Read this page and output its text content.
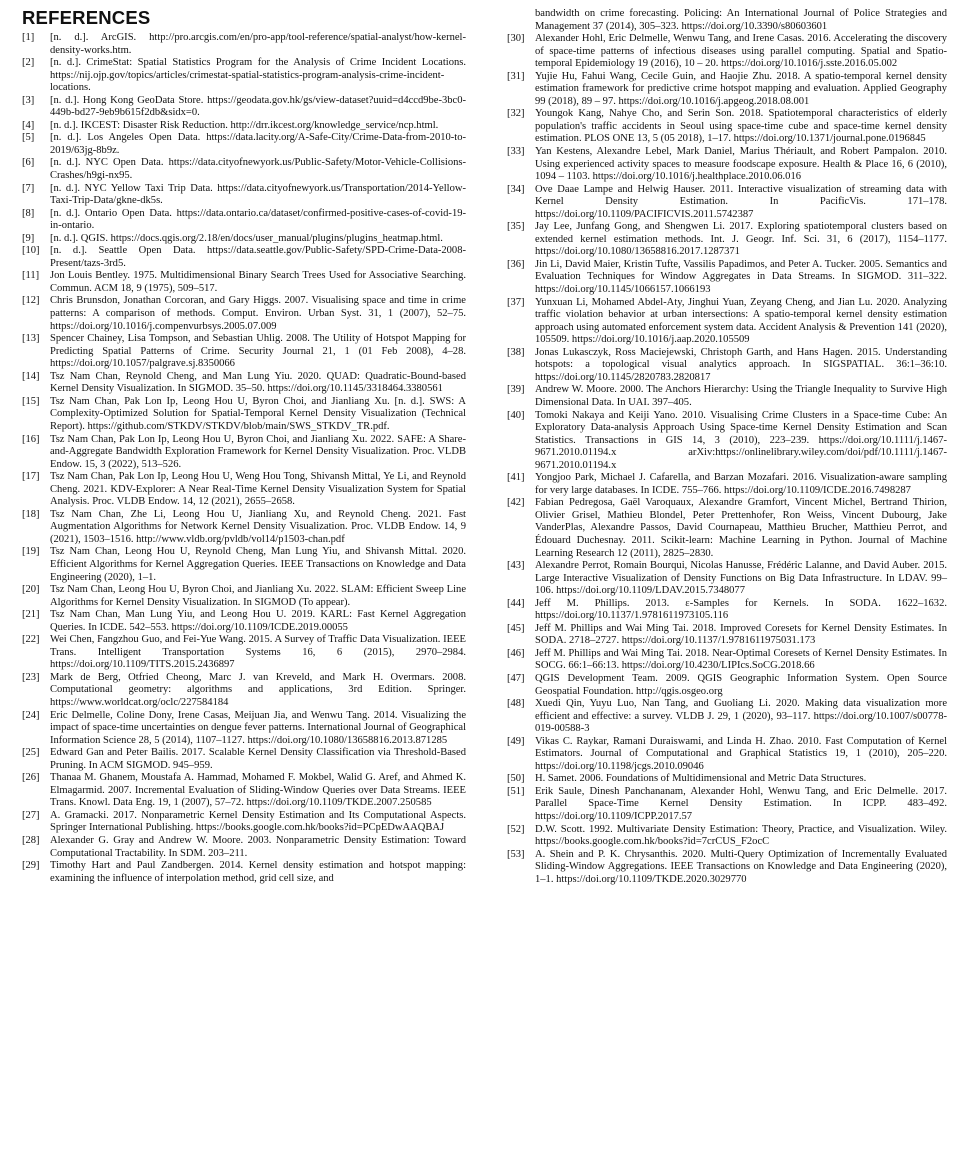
REFERENCES
[1]	[n. d.]. ArcGIS. http://pro.arcgis.com/en/pro-app/tool-reference/spatial-analyst/how-kernel-density-works.htm.
[2]	[n. d.]. CrimeStat: Spatial Statistics Program for the Analysis of Crime Incident Locations. https://nij.ojp.gov/topics/articles/crimestat-spatial-statistics-program-analysis-crime-incident-locations.
[3]	[n. d.]. Hong Kong GeoData Store. https://geodata.gov.hk/gs/view-dataset?uuid=d4ccd9be-3bc0-449b-bd27-9eb9b615f2db&sidx=0.
[4]	[n. d.]. IKCEST: Disaster Risk Reduction. http://drr.ikcest.org/knowledge_service/ncp.html.
[5]	[n. d.]. Los Angeles Open Data. https://data.lacity.org/A-Safe-City/Crime-Data-from-2010-to-2019/63jg-8b9z.
[6]	[n. d.]. NYC Open Data. https://data.cityofnewyork.us/Public-Safety/Motor-Vehicle-Collisions-Crashes/h9gi-nx95.
[7]	[n. d.]. NYC Yellow Taxi Trip Data. https://data.cityofnewyork.us/Transportation/2014-Yellow-Taxi-Trip-Data/gkne-dk5s.
[8]	[n. d.]. Ontario Open Data. https://data.ontario.ca/dataset/confirmed-positive-cases-of-covid-19-in-ontario.
[9]	[n. d.]. QGIS. https://docs.qgis.org/2.18/en/docs/user_manual/plugins/plugins_heatmap.html.
[10] [n. d.]. Seattle Open Data. https://data.seattle.gov/Public-Safety/SPD-Crime-Data-2008-Present/tazs-3rd5.
[11]	Jon Louis Bentley. 1975. Multidimensional Binary Search Trees Used for Associative Searching. Commun. ACM 18, 9 (1975), 509–517.
[12] Chris Brunsdon, Jonathan Corcoran, and Gary Higgs. 2007. Visualising space and time in crime patterns: A comparison of methods. Comput. Environ. Urban Syst. 31, 1 (2007), 52–75. https://doi.org/10.1016/j.compenvurbsys.2005.07.009
[13] Spencer Chainey, Lisa Tompson, and Sebastian Uhlig. 2008. The Utility of Hotspot Mapping for Predicting Spatial Patterns of Crime. Security Journal 21, 1 (01 Feb 2008), 4–28. https://doi.org/10.1057/palgrave.sj.8350066
[14] Tsz Nam Chan, Reynold Cheng, and Man Lung Yiu. 2020. QUAD: Quadratic-Bound-based Kernel Density Visualization. In SIGMOD. 35–50. https://doi.org/10.1145/3318464.3380561
[15] Tsz Nam Chan, Pak Lon Ip, Leong Hou U, Byron Choi, and Jianliang Xu. [n. d.]. SWS: A Complexity-Optimized Solution for Spatial-Temporal Kernel Density Visualization (Technical Report). https://github.com/STKDV/STKDV/blob/main/SWS_STKDV_TR.pdf.
[16] Tsz Nam Chan, Pak Lon Ip, Leong Hou U, Byron Choi, and Jianliang Xu. 2022. SAFE: A Share-and-Aggregate Bandwidth Exploration Framework for Kernel Density Visualization. Proc. VLDB Endow. 15, 3 (2022), 513–526.
[17] Tsz Nam Chan, Pak Lon Ip, Leong Hou U, Weng Hou Tong, Shivansh Mittal, Ye Li, and Reynold Cheng. 2021. KDV-Explorer: A Near Real-Time Kernel Density Visualization System for Spatial Analysis. Proc. VLDB Endow. 14, 12 (2021), 2655–2658.
[18] Tsz Nam Chan, Zhe Li, Leong Hou U, Jianliang Xu, and Reynold Cheng. 2021. Fast Augmentation Algorithms for Network Kernel Density Visualization. Proc. VLDB Endow. 14, 9 (2021), 1503–1516. http://www.vldb.org/pvldb/vol14/p1503-chan.pdf
[19] Tsz Nam Chan, Leong Hou U, Reynold Cheng, Man Lung Yiu, and Shivansh Mittal. 2020. Efficient Algorithms for Kernel Aggregation Queries. IEEE Transactions on Knowledge and Data Engineering (2020), 1–1.
[20] Tsz Nam Chan, Leong Hou U, Byron Choi, and Jianliang Xu. 2022. SLAM: Efficient Sweep Line Algorithms for Kernel Density Visualization. In SIGMOD (To appear).
[21] Tsz Nam Chan, Man Lung Yiu, and Leong Hou U. 2019. KARL: Fast Kernel Aggregation Queries. In ICDE. 542–553. https://doi.org/10.1109/ICDE.2019.00055
[22] Wei Chen, Fangzhou Guo, and Fei-Yue Wang. 2015. A Survey of Traffic Data Visualization. IEEE Trans. Intelligent Transportation Systems 16, 6 (2015), 2970–2984. https://doi.org/10.1109/TITS.2015.2436897
[23] Mark de Berg, Otfried Cheong, Marc J. van Kreveld, and Mark H. Overmars. 2008. Computational geometry: algorithms and applications, 3rd Edition. Springer. https://www.worldcat.org/oclc/227584184
[24] Eric Delmelle, Coline Dony, Irene Casas, Meijuan Jia, and Wenwu Tang. 2014. Visualizing the impact of space-time uncertainties on dengue fever patterns. International Journal of Geographical Information Science 28, 5 (2014), 1107–1127. https://doi.org/10.1080/13658816.2013.871285
[25] Edward Gan and Peter Bailis. 2017. Scalable Kernel Density Classification via Threshold-Based Pruning. In ACM SIGMOD. 945–959.
[26] Thanaa M. Ghanem, Moustafa A. Hammad, Mohamed F. Mokbel, Walid G. Aref, and Ahmed K. Elmagarmid. 2007. Incremental Evaluation of Sliding-Window Queries over Data Streams. IEEE Trans. Knowl. Data Eng. 19, 1 (2007), 57–72. https://doi.org/10.1109/TKDE.2007.250585
[27] A. Gramacki. 2017. Nonparametric Kernel Density Estimation and Its Computational Aspects. Springer International Publishing. https://books.google.com.hk/books?id=PCpEDwAAQBAJ
[28] Alexander G. Gray and Andrew W. Moore. 2003. Nonparametric Density Estimation: Toward Computational Tractability. In SDM. 203–211.
[29] Timothy Hart and Paul Zandbergen. 2014. Kernel density estimation and hotspot mapping: examining the influence of interpolation method, grid cell size, and
bandwidth on crime forecasting. Policing: An International Journal of Police Strategies and Management 37 (2014), 305–323. https://doi.org/10.3390/s80603601
[30] Alexander Hohl, Eric Delmelle, Wenwu Tang, and Irene Casas. 2016. Accelerating the discovery of space-time patterns of infectious diseases using parallel computing. Spatial and Spatio-temporal Epidemiology 19 (2016), 10 – 20. https://doi.org/10.1016/j.sste.2016.05.002
[31] Yujie Hu, Fahui Wang, Cecile Guin, and Haojie Zhu. 2018. A spatio-temporal kernel density estimation framework for predictive crime hotspot mapping and evaluation. Applied Geography 99 (2018), 89 – 97. https://doi.org/10.1016/j.apgeog.2018.08.001
[32] Youngok Kang, Nahye Cho, and Serin Son. 2018. Spatiotemporal characteristics of elderly population's traffic accidents in Seoul using space-time cube and space-time kernel density estimation. PLOS ONE 13, 5 (05 2018), 1–17. https://doi.org/10.1371/journal.pone.0196845
[33] Yan Kestens, Alexandre Lebel, Mark Daniel, Marius Thériault, and Robert Pampalon. 2010. Using experienced activity spaces to measure foodscape exposure. Health & Place 16, 6 (2010), 1094 – 1103. https://doi.org/10.1016/j.healthplace.2010.06.016
[34] Ove Daae Lampe and Helwig Hauser. 2011. Interactive visualization of streaming data with Kernel Density Estimation. In PacificVis. 171–178. https://doi.org/10.1109/PACIFICVIS.2011.5742387
[35] Jay Lee, Junfang Gong, and Shengwen Li. 2017. Exploring spatiotemporal clusters based on extended kernel estimation methods. Int. J. Geogr. Inf. Sci. 31, 6 (2017), 1154–1177. https://doi.org/10.1080/13658816.2017.1287371
[36] Jin Li, David Maier, Kristin Tufte, Vassilis Papadimos, and Peter A. Tucker. 2005. Semantics and Evaluation Techniques for Window Aggregates in Data Streams. In SIGMOD. 311–322. https://doi.org/10.1145/1066157.1066193
[37] Yunxuan Li, Mohamed Abdel-Aty, Jinghui Yuan, Zeyang Cheng, and Jian Lu. 2020. Analyzing traffic violation behavior at urban intersections: A spatio-temporal kernel density estimation approach using automated enforcement system data. Accident Analysis & Prevention 141 (2020), 105509. https://doi.org/10.1016/j.aap.2020.105509
[38] Jonas Lukasczyk, Ross Maciejewski, Christoph Garth, and Hans Hagen. 2015. Understanding hotspots: a topological visual analytics approach. In SIGSPATIAL. 36:1–36:10. https://doi.org/10.1145/2820783.2820817
[39] Andrew W. Moore. 2000. The Anchors Hierarchy: Using the Triangle Inequality to Survive High Dimensional Data. In UAI. 397–405.
[40] Tomoki Nakaya and Keiji Yano. 2010. Visualising Crime Clusters in a Space-time Cube: An Exploratory Data-analysis Approach Using Space-time Kernel Density Estimation and Scan Statistics. Transactions in GIS 14, 3 (2010), 223–239. https://doi.org/10.1111/j.1467-9671.2010.01194.x arXiv:https://onlinelibrary.wiley.com/doi/pdf/10.1111/j.1467-9671.2010.01194.x
[41] Yongjoo Park, Michael J. Cafarella, and Barzan Mozafari. 2016. Visualization-aware sampling for very large databases. In ICDE. 755–766. https://doi.org/10.1109/ICDE.2016.7498287
[42] Fabian Pedregosa, Gaël Varoquaux, Alexandre Gramfort, Vincent Michel, Bertrand Thirion, Olivier Grisel, Mathieu Blondel, Peter Prettenhofer, Ron Weiss, Vincent Dubourg, Jake VanderPlas, Alexandre Passos, David Cournapeau, Matthieu Brucher, Matthieu Perrot, and Édouard Duchesnay. 2011. Scikit-learn: Machine Learning in Python. Journal of Machine Learning Research 12 (2011), 2825–2830.
[43] Alexandre Perrot, Romain Bourqui, Nicolas Hanusse, Frédéric Lalanne, and David Auber. 2015. Large Interactive Visualization of Density Functions on Big Data Infrastructure. In LDAV. 99–106. https://doi.org/10.1109/LDAV.2015.7348077
[44] Jeff M. Phillips. 2013. ε-Samples for Kernels. In SODA. 1622–1632. https://doi.org/10.1137/1.9781611973105.116
[45] Jeff M. Phillips and Wai Ming Tai. 2018. Improved Coresets for Kernel Density Estimates. In SODA. 2718–2727. https://doi.org/10.1137/1.9781611975031.173
[46] Jeff M. Phillips and Wai Ming Tai. 2018. Near-Optimal Coresets of Kernel Density Estimates. In SOCG. 66:1–66:13. https://doi.org/10.4230/LIPIcs.SoCG.2018.66
[47] QGIS Development Team. 2009. QGIS Geographic Information System. Open Source Geospatial Foundation. http://qgis.osgeo.org
[48] Xuedi Qin, Yuyu Luo, Nan Tang, and Guoliang Li. 2020. Making data visualization more efficient and effective: a survey. VLDB J. 29, 1 (2020), 93–117. https://doi.org/10.1007/s00778-019-00588-3
[49] Vikas C. Raykar, Ramani Duraiswami, and Linda H. Zhao. 2010. Fast Computation of Kernel Estimators. Journal of Computational and Graphical Statistics 19, 1 (2010), 205–220. https://doi.org/10.1198/jcgs.2010.09046
[50] H. Samet. 2006. Foundations of Multidimensional and Metric Data Structures.
[51] Erik Saule, Dinesh Panchananam, Alexander Hohl, Wenwu Tang, and Eric Delmelle. 2017. Parallel Space-Time Kernel Density Estimation. In ICPP. 483–492. https://doi.org/10.1109/ICPP.2017.57
[52] D.W. Scott. 1992. Multivariate Density Estimation: Theory, Practice, and Visualization. Wiley. https://books.google.com.hk/books?id=7crCUS_F2ocC
[53] A. Shein and P. K. Chrysanthis. 2020. Multi-Query Optimization of Incrementally Evaluated Sliding-Window Aggregations. IEEE Transactions on Knowledge and Data Engineering (2020), 1–1. https://doi.org/10.1109/TKDE.2020.3029770
